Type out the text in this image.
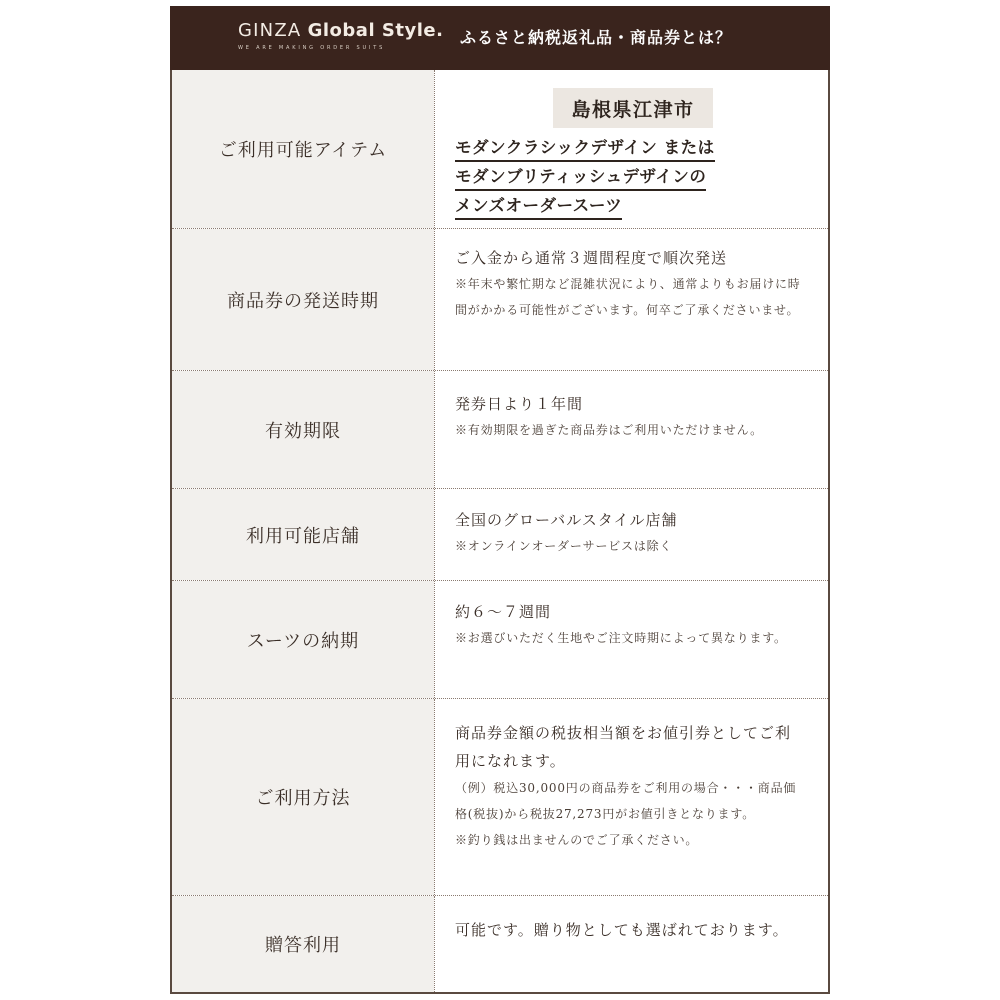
GINZA Global Style.
WE ARE MAKING ORDER SUITS
ふるさと納税返礼品・商品券とは？
ご利用可能アイテム
島根県江津市
モダンクラシックデザイン または
モダンブリティッシュデザインの
メンズオーダースーツ
商品券の発送時期
ご入金から通常３週間程度で順次発送
※年末や繁忙期など混雑状況により、通常よりもお届けに時間がかかる可能性がございます。何卒ご了承くださいませ。
有効期限
発券日より１年間
※有効期限を過ぎた商品券はご利用いただけません。
利用可能店舗
全国のグローバルスタイル店舗
※オンラインオーダーサービスは除く
スーツの納期
約６～７週間
※お選びいただく生地やご注文時期によって異なります。
ご利用方法
商品券金額の税抜相当額をお値引券としてご利用になれます。
（例）税込30,000円の商品券をご利用の場合・・・商品価格(税抜)から税抜27,273円がお値引きとなります。
※釣り銭は出ませんのでご了承ください。
贈答利用
可能です。贈り物としても選ばれております。
